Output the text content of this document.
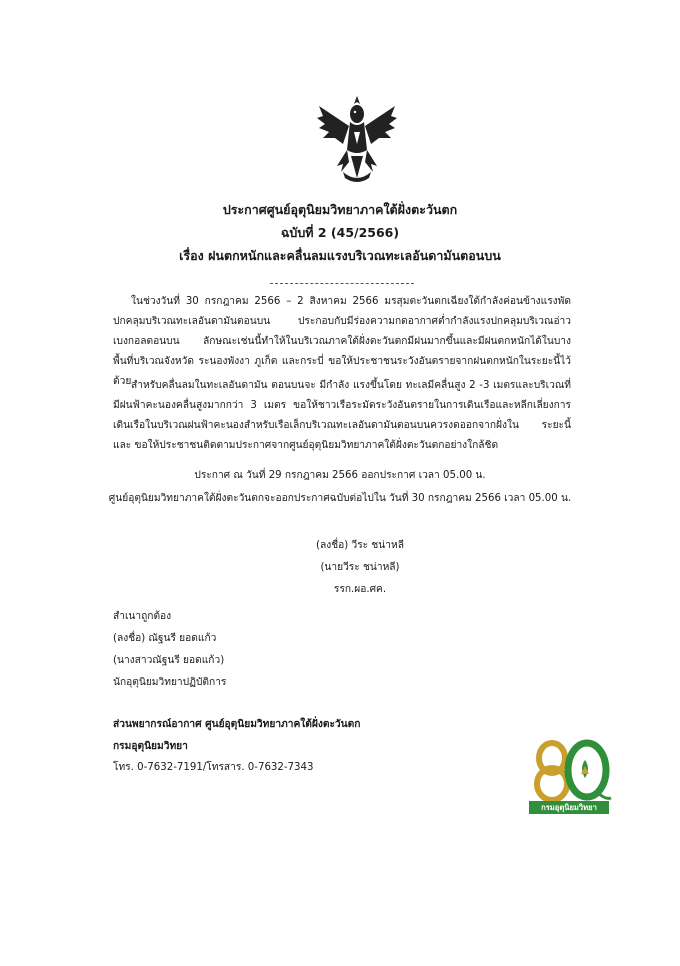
ประกาศศูนย์อุตุนิยมวิทยาภาคใต้ฝั่งตะวันตก
ฉบับที่ 2 (45/2566)
เรื่อง ฝนตกหนักและคลื่นลมแรงบริเวณทะเลอันดามันตอนบน
ในช่วงวันที่ 30 กรกฎาคม 2566 – 2 สิงหาคม 2566 มรสุมตะวันตกเฉียงใต้กำลังค่อนข้างแรงพัดปกคลุมบริเวณทะเลอันดามันตอนบน ประกอบกับมีร่องความกดอากาศต่ำกำลังแรงปกคลุมบริเวณอ่าวเบงกอลตอนบน ลักษณะเช่นนี้ทำให้ในบริเวณภาคใต้ฝั่งตะวันตกมีฝนมากขึ้นและมีฝนตกหนักได้ในบางพื้นที่บริเวณจังหวัด ระนองพังงา ภูเก็ต และกระบี่ ขอให้ประชาชนระวังอันตรายจากฝนตกหนักในระยะนี้ไว้ด้วย สำหรับคลื่นลมในทะเลอันดามัน ตอนบนจะ มีกำลัง แรงขึ้นโดย ทะเลมีคลื่นสูง 2 -3 เมตรและบริเวณที่มีฝนฟ้าคะนองคลื่นสูงมากกว่า 3 เมตร ขอให้ชาวเรือระมัดระวังอันตรายในการเดินเรือและหลีกเลี่ยงการเดินเรือในบริเวณฝนฟ้าคะนองสำหรับเรือเล็กบริเวณทะเลอันดามันตอนบนควรงดออกจากฝั่งใน ระยะนี้ และ ขอให้ประชาชนติดตามประกาศจากศูนย์อุตุนิยมวิทยาภาคใต้ฝั่งตะวันตกอย่างใกล้ชิด
ประกาศ ณ วันที่ 29 กรกฎาคม 2566 ออกประกาศ เวลา 05.00 น.
ศูนย์อุตุนิยมวิทยาภาคใต้ฝั่งตะวันตกจะออกประกาศฉบับต่อไปใน วันที่ 30 กรกฎาคม 2566 เวลา 05.00 น.
(ลงชื่อ) วีระ ชน่าหลี
(นายวีระ ชน่าหลี)
รรก.ผอ.ศค.
สำเนาถูกต้อง
(ลงชื่อ) ณัฐนรี ยอดแก้ว
(นางสาวณัฐนรี ยอดแก้ว)
นักอุตุนิยมวิทยาปฏิบัติการ
ส่วนพยากรณ์อากาศ ศูนย์อุตุนิยมวิทยาภาคใต้ฝั่งตะวันตก
กรมอุตุนิยมวิทยา
โทร. 0-7632-7191/โทรสาร. 0-7632-7343
กรมอุตุนิยมวิทยา
